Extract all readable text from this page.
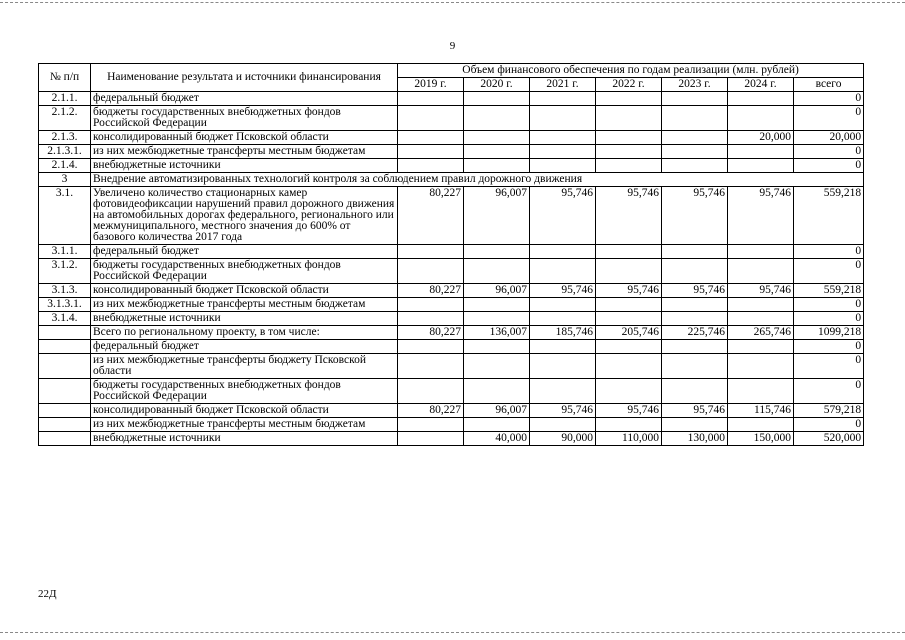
9
№ п/п	Наименование результата и источники финансирования	Объем финансового обеспечения по годам реализации (млн. рублей)						
		2019 г.	2020 г.	2021 г.	2022 г.	2023 г.	2024 г.	всего
2.1.1.	федеральный бюджет							0
2.1.2.	бюджеты государственных внебюджетных фондов Российской Федерации							0
2.1.3.	консолидированный бюджет Псковской области						20,000	20,000
2.1.3.1.	из них межбюджетные трансферты местным бюджетам							0
2.1.4.	внебюджетные источники							0
3	Внедрение автоматизированных технологий контроля за соблюдением правил дорожного движения							
3.1.	Увеличено количество стационарных камер фотовидеофиксации нарушений правил дорожного движения на автомобильных дорогах федерального, регионального или межмуниципального, местного значения до 600% от базового количества 2017 года	80,227	96,007	95,746	95,746	95,746	95,746	559,218
3.1.1.	федеральный бюджет							0
3.1.2.	бюджеты государственных внебюджетных фондов Российской Федерации							0
3.1.3.	консолидированный бюджет Псковской области	80,227	96,007	95,746	95,746	95,746	95,746	559,218
3.1.3.1.	из них межбюджетные трансферты местным бюджетам							0
3.1.4.	внебюджетные источники							0
	Всего по региональному проекту, в том числе:	80,227	136,007	185,746	205,746	225,746	265,746	1099,218
	федеральный бюджет							0
	из них межбюджетные трансферты бюджету Псковской области							0
	бюджеты государственных внебюджетных фондов Российской Федерации							0
	консолидированный бюджет Псковской области	80,227	96,007	95,746	95,746	95,746	115,746	579,218
	из них межбюджетные трансферты местным бюджетам							0
	внебюджетные источники		40,000	90,000	110,000	130,000	150,000	520,000
22Д
